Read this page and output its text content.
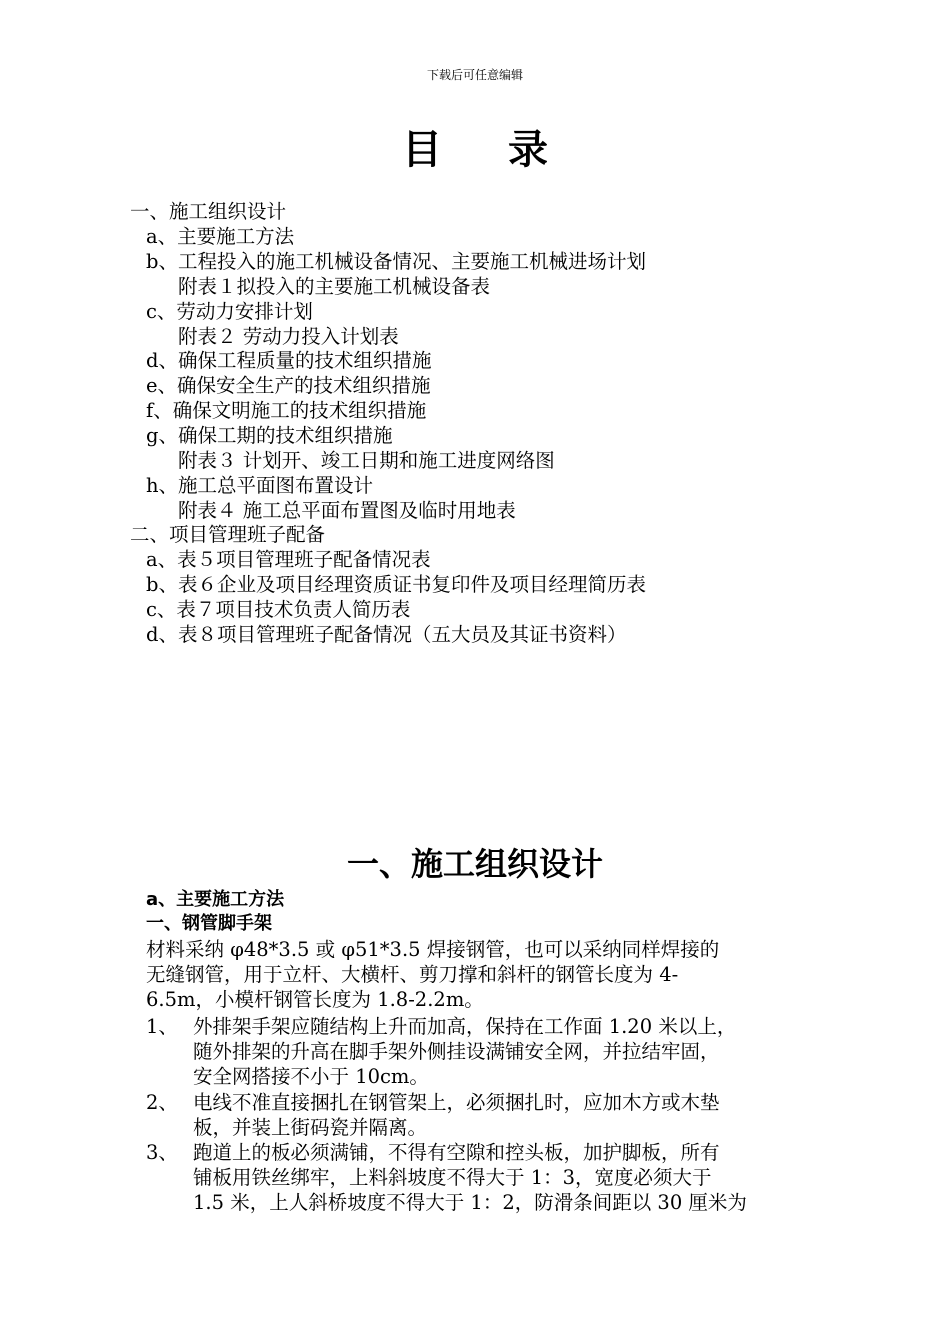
下载后可任意编辑
目 录
一、施工组织设计
a、主要施工方法
b、工程投入的施工机械设备情况、主要施工机械进场计划
附表１拟投入的主要施工机械设备表
c、劳动力安排计划
附表２ 劳动力投入计划表
d、确保工程质量的技术组织措施
e、确保安全生产的技术组织措施
f、确保文明施工的技术组织措施
g、确保工期的技术组织措施
附表３ 计划开、竣工日期和施工进度网络图
h、施工总平面图布置设计
附表４ 施工总平面布置图及临时用地表
二、项目管理班子配备
a、表５项目管理班子配备情况表
b、表６企业及项目经理资质证书复印件及项目经理简历表
c、表７项目技术负责人简历表
d、表８项目管理班子配备情况（五大员及其证书资料）
一、施工组织设计
a、主要施工方法
一、钢管脚手架
材料采纳 φ48*3.5 或 φ51*3.5 焊接钢管，也可以采纳同样焊接的
无缝钢管，用于立杆、大横杆、剪刀撑和斜杆的钢管长度为 4-
6.5m，小模杆钢管长度为 1.8-2.2m。
1、 外排架手架应随结构上升而加高，保持在工作面 1.20 米以上，
随外排架的升高在脚手架外侧挂设满铺安全网，并拉结牢固，
安全网搭接不小于 10cm。
2、 电线不准直接捆扎在钢管架上，必须捆扎时，应加木方或木垫
板，并装上街码瓷并隔离。
3、 跑道上的板必须满铺，不得有空隙和控头板，加护脚板，所有
铺板用铁丝绑牢，上料斜坡度不得大于 1：3，宽度必须大于
1.5 米，上人斜桥坡度不得大于 1：2，防滑条间距以 30 厘米为
